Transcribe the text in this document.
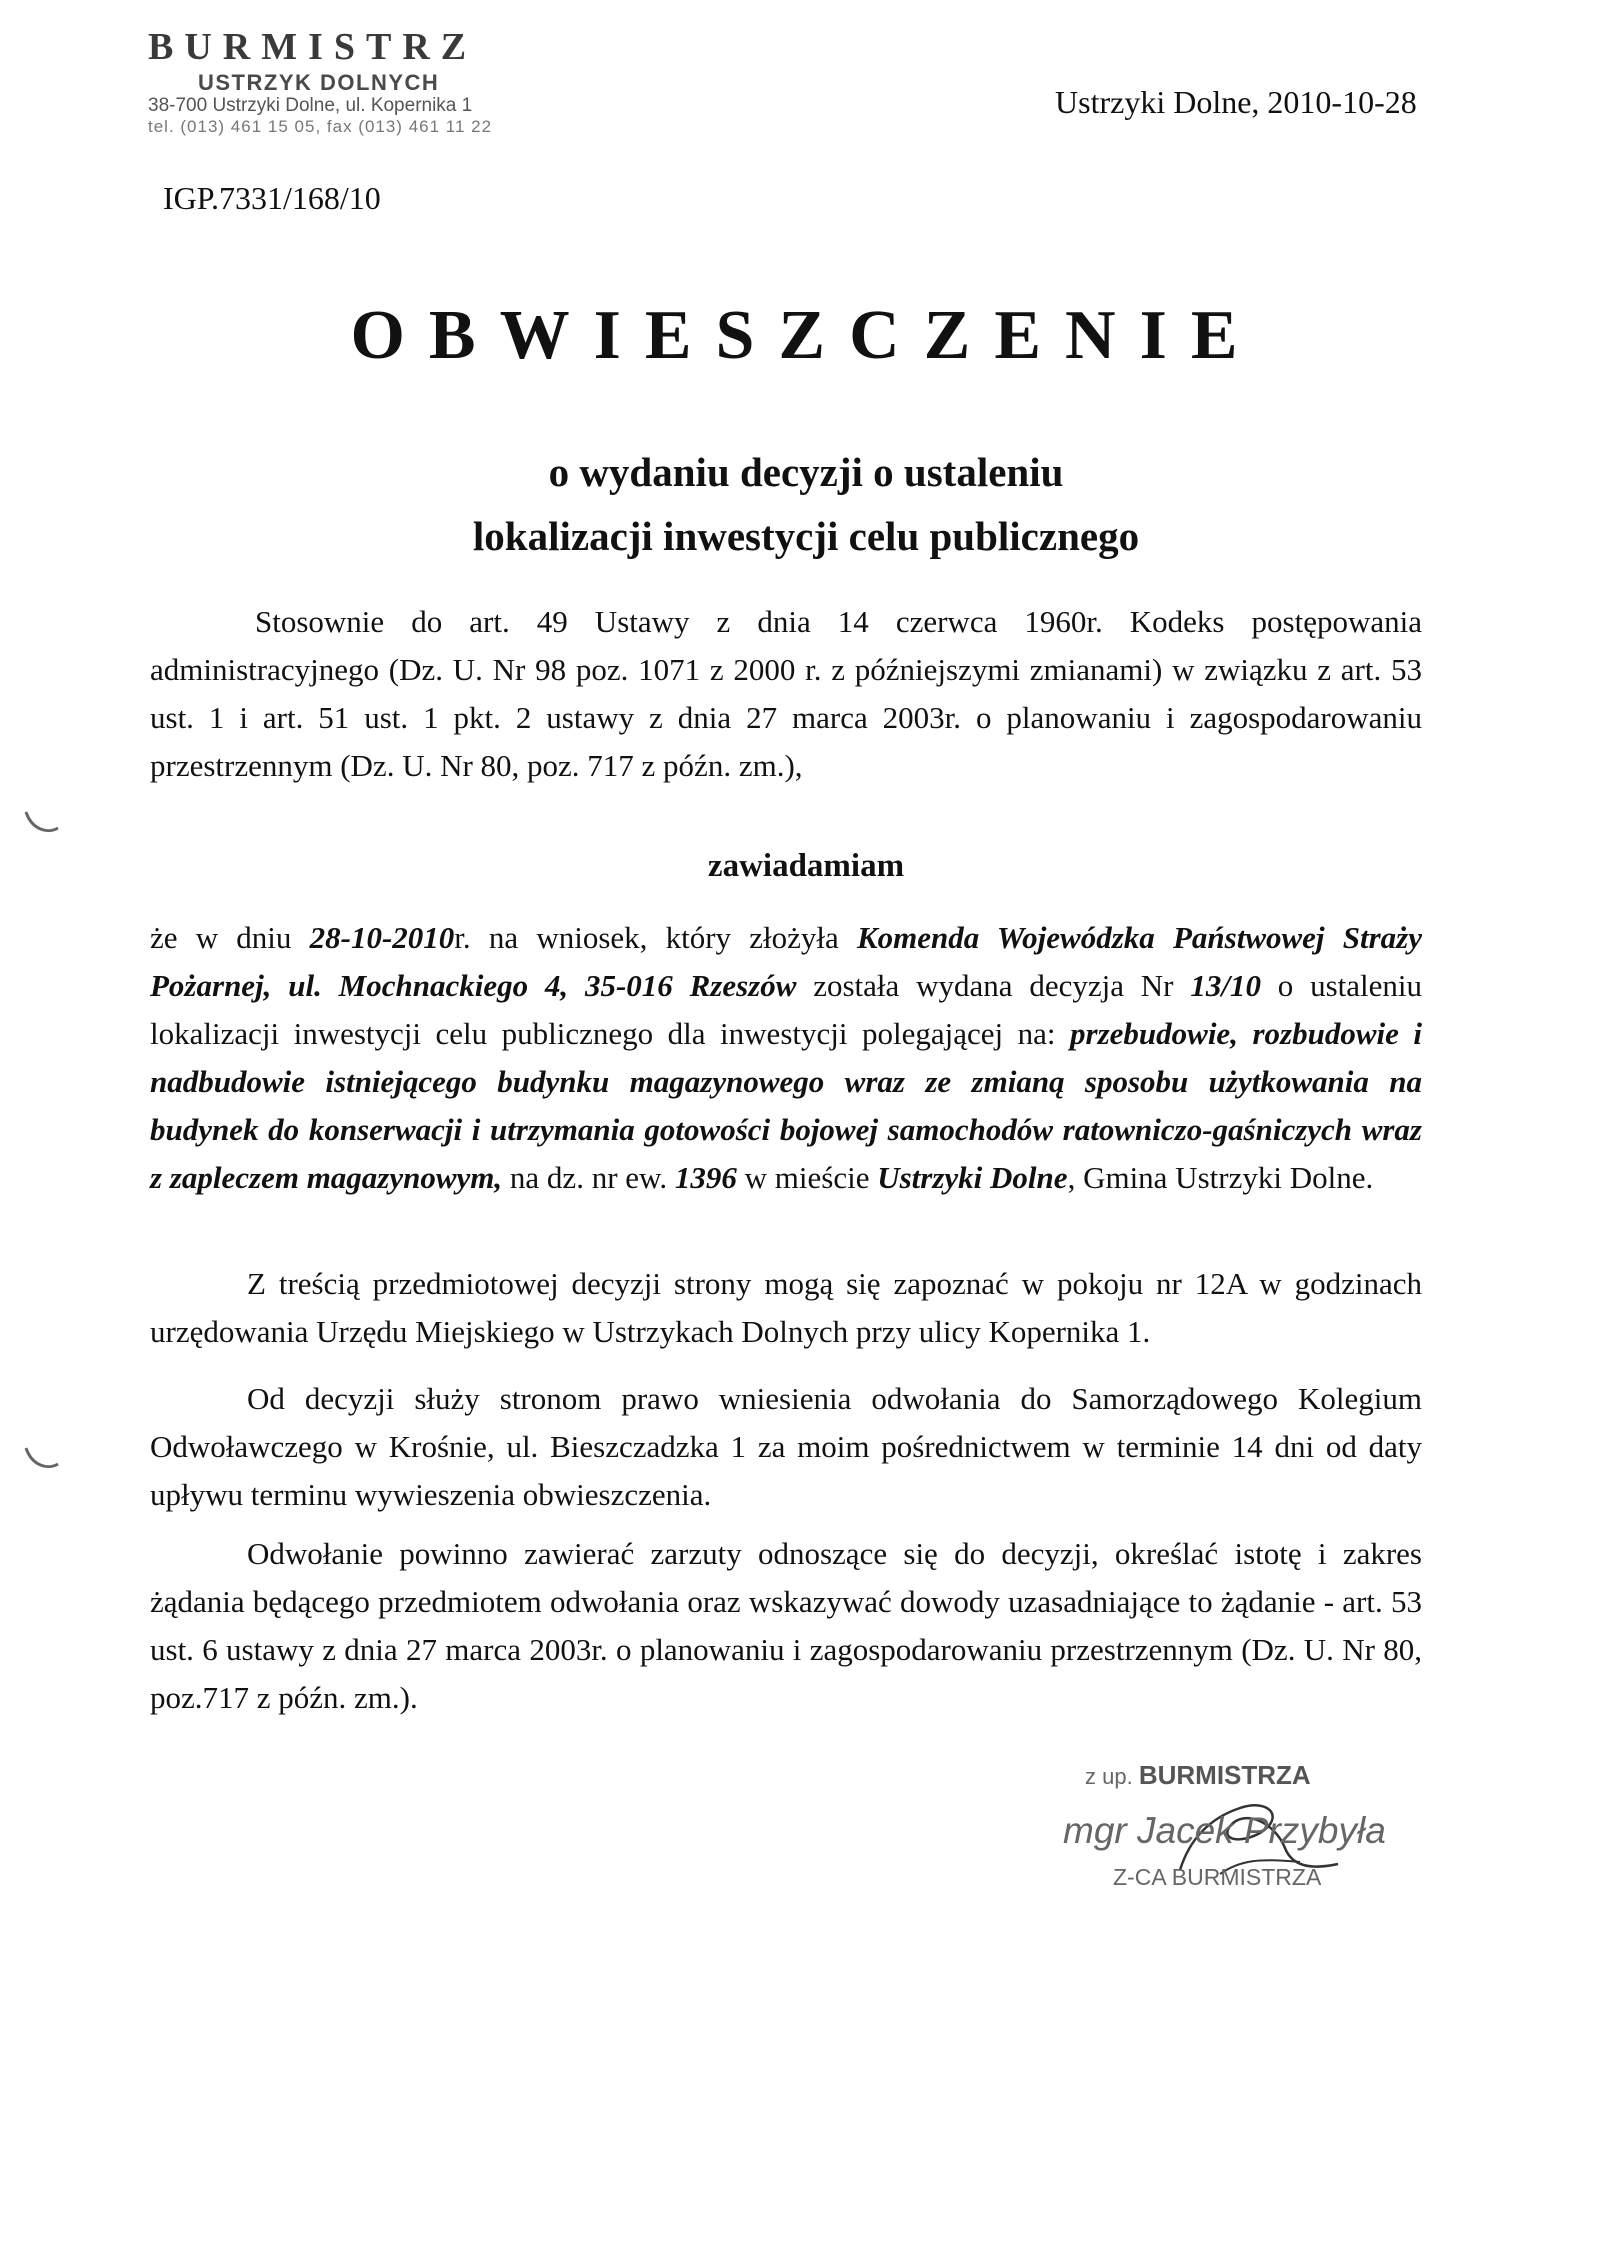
BURMISTRZ
USTRZYK DOLNYCH
38-700 Ustrzyki Dolne, ul. Kopernika 1
tel. (013) 461 15 05, fax (013) 461 11 22
Ustrzyki Dolne, 2010-10-28
IGP.7331/168/10
OBWIESZCZENIE
o wydaniu decyzji o ustaleniu
lokalizacji inwestycji celu publicznego
Stosownie do art. 49 Ustawy z dnia 14 czerwca 1960r. Kodeks postępowania administracyjnego (Dz. U. Nr 98 poz. 1071 z 2000 r. z późniejszymi zmianami) w związku z art. 53 ust. 1 i art. 51 ust. 1 pkt. 2 ustawy z dnia 27 marca 2003r. o planowaniu i zagospodarowaniu przestrzennym (Dz. U. Nr 80, poz. 717 z późn. zm.),
zawiadamiam
że w dniu 28-10-2010r. na wniosek, który złożyła Komenda Wojewódzka Państwowej Straży Pożarnej, ul. Mochnackiego 4, 35-016 Rzeszów została wydana decyzja Nr 13/10 o ustaleniu lokalizacji inwestycji celu publicznego dla inwestycji polegającej na: przebudowie, rozbudowie i nadbudowie istniejącego budynku magazynowego wraz ze zmianą sposobu użytkowania na budynek do konserwacji i utrzymania gotowości bojowej samochodów ratowniczo-gaśniczych wraz z zapleczem magazynowym, na dz. nr ew. 1396 w mieście Ustrzyki Dolne, Gmina Ustrzyki Dolne.
Z treścią przedmiotowej decyzji strony mogą się zapoznać w pokoju nr 12A w godzinach urzędowania Urzędu Miejskiego w Ustrzykach Dolnych przy ulicy Kopernika 1.
Od decyzji służy stronom prawo wniesienia odwołania do Samorządowego Kolegium Odwoławczego w Krośnie, ul. Bieszczadzka 1 za moim pośrednictwem w terminie 14 dni od daty upływu terminu wywieszenia obwieszczenia.
Odwołanie powinno zawierać zarzuty odnoszące się do decyzji, określać istotę i zakres żądania będącego przedmiotem odwołania oraz wskazywać dowody uzasadniające to żądanie - art. 53 ust. 6 ustawy z dnia 27 marca 2003r. o planowaniu i zagospodarowaniu przestrzennym (Dz. U. Nr 80, poz.717 z późn. zm.).
z up. BURMISTRZA
mgr Jacek Przybyła
Z-CA BURMISTRZA
